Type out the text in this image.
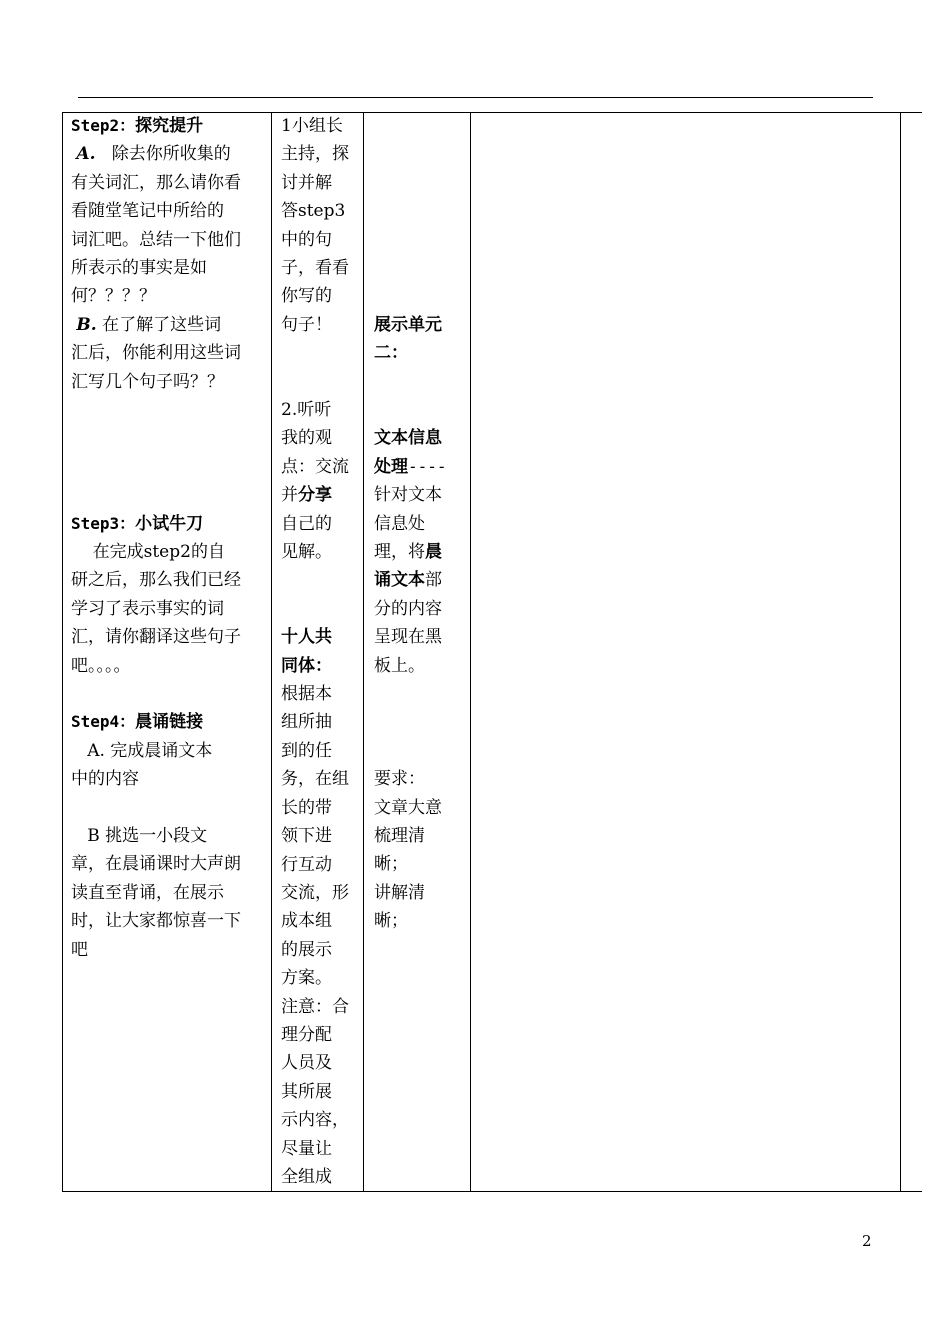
Step2：探究提升
A. 除去你所收集的
有关词汇，那么请你看
看随堂笔记中所给的
词汇吧。总结一下他们
所表示的事实是如
何？？？？
B. 在了解了这些词
汇后，你能利用这些词
汇写几个句子吗？？
Step3：小试牛刀
在完成step2的自
研之后，那么我们已经
学习了表示事实的词
汇，请你翻译这些句子
吧。。。。
Step4：晨诵链接
A. 完成晨诵文本
中的内容
B 挑选一小段文
章，在晨诵课时大声朗
读直至背诵，在展示
时，让大家都惊喜一下
吧
1小组长
主持，探
讨并解
答step3
中的句
子，看看
你写的
句子！
2.听听
我的观
点：交流
并分享
自己的
见解。
十人共
同体：
根据本
组所抽
到的任
务，在组
长的带
领下进
行互动
交流，形
成本组
的展示
方案。
注意：合
理分配
人员及
其所展
示内容，
尽量让
全组成
展示单元
二：
文本信息
处理----
针对文本
信息处
理，将晨
诵文本部
分的内容
呈现在黑
板上。
要求：
文章大意
梳理清
晰；
讲解清
晰；
2
